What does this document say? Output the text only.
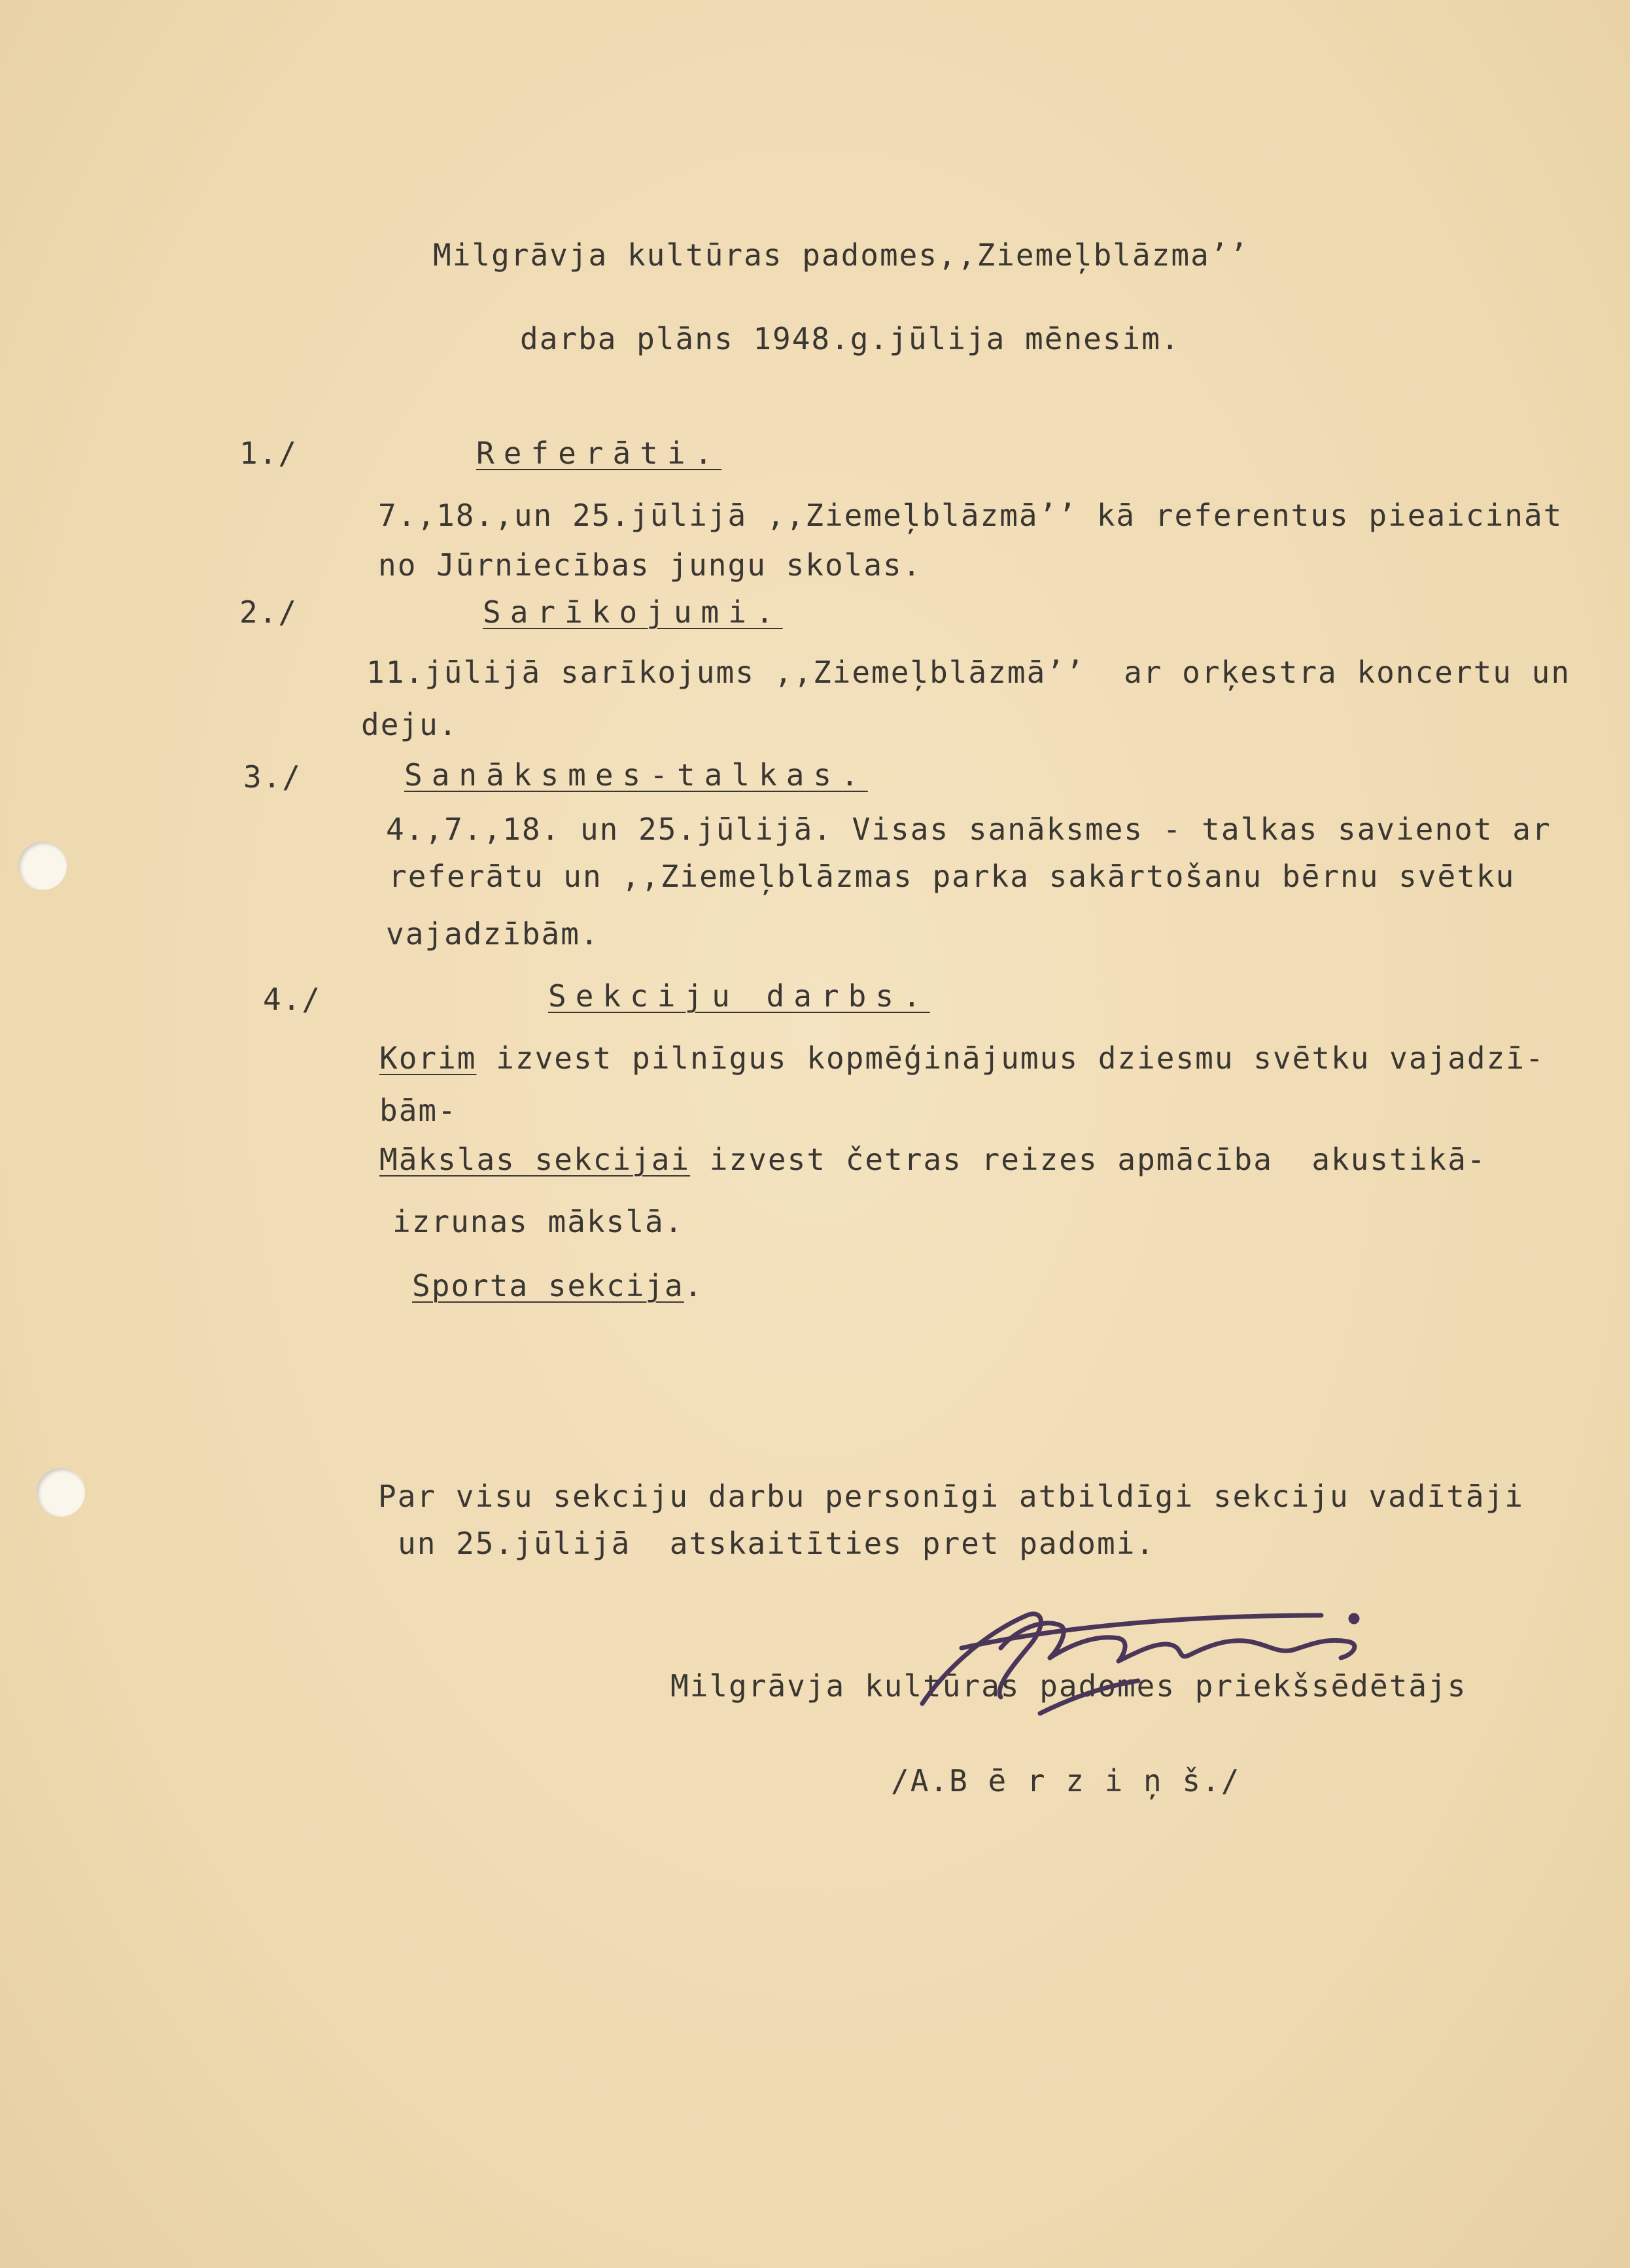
Milgrāvja kultūras padomes‚‚Ziemeļblāzma’’
darba plāns 1948.g.jūlija mēnesim.
1./	Referāti.
7.,18.,un 25.jūlijā ‚‚Ziemeļblāzmā’’ kā referentus pieaicināt
no Jūrniecības jungu skolas.
2./	Sarīkojumi.
11.jūlijā sarīkojums ‚‚Ziemeļblāzmā’’  ar orķestra koncertu un
deju.
3./	Sanāksmes-talkas.
4.,7.,18. un 25.jūlijā. Visas sanāksmes - talkas savienot ar
referātu un ‚‚Ziemeļblāzmas parka sakārtošanu bērnu svētku
vajadzībām.
4./	Sekciju darbs.
Korim izvest pilnīgus kopmēģinājumus dziesmu svētku vajadzī-
bām-
Mākslas sekcijai izvest četras reizes apmācība  akustikā-
izrunas mākslā.
Sporta sekcija.
Par visu sekciju darbu personīgi atbildīgi sekciju vadītāji
un 25.jūlijā  atskaitīties pret padomi.
Milgrāvja kultūras padomes priekšsēdētājs
/A.B ē r z i ņ š./
